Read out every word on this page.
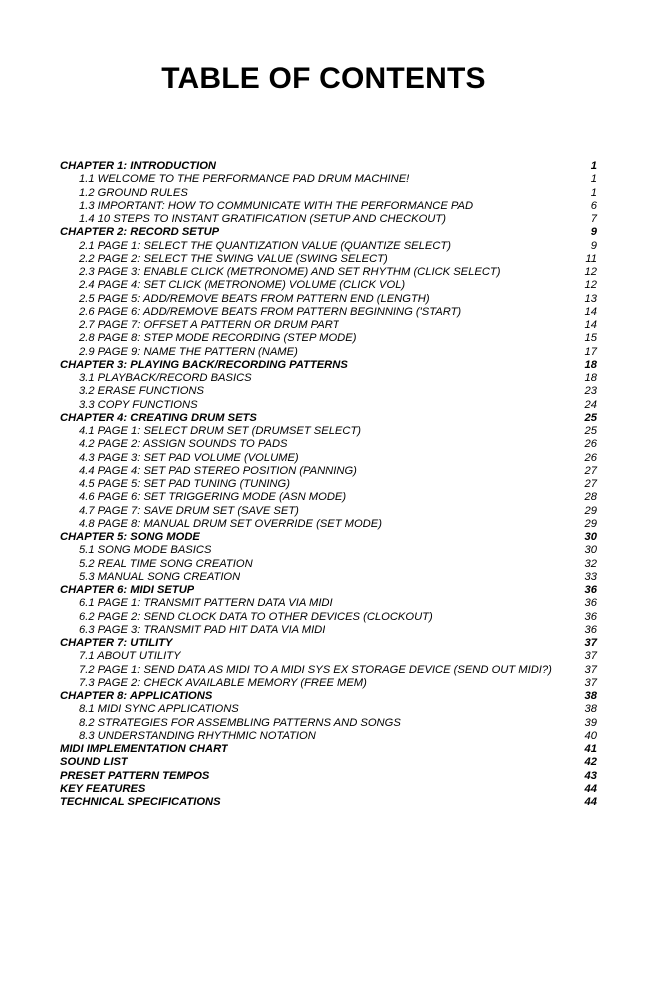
TABLE OF CONTENTS
CHAPTER 1: INTRODUCTION	1
1.1 WELCOME TO THE PERFORMANCE PAD DRUM MACHINE!	1
1.2 GROUND RULES	1
1.3 IMPORTANT: HOW TO COMMUNICATE WITH THE PERFORMANCE PAD	6
1.4 10 STEPS TO INSTANT GRATIFICATION (SETUP AND CHECKOUT)	7
CHAPTER 2: RECORD SETUP	9
2.1 PAGE 1: SELECT THE QUANTIZATION VALUE (QUANTIZE SELECT)	9
2.2 PAGE 2: SELECT THE SWING VALUE (SWING SELECT)	11
2.3 PAGE 3: ENABLE CLICK (METRONOME) AND SET RHYTHM (CLICK SELECT)	12
2.4 PAGE 4: SET CLICK (METRONOME) VOLUME (CLICK VOL)	12
2.5 PAGE 5: ADD/REMOVE BEATS FROM PATTERN END (LENGTH)	13
2.6 PAGE 6: ADD/REMOVE BEATS FROM PATTERN BEGINNING ('START)	14
2.7 PAGE 7: OFFSET A PATTERN OR DRUM PART	14
2.8 PAGE 8: STEP MODE RECORDING (STEP MODE)	15
2.9 PAGE 9: NAME THE PATTERN (NAME)	17
CHAPTER 3: PLAYING BACK/RECORDING PATTERNS	18
3.1 PLAYBACK/RECORD BASICS	18
3.2 ERASE FUNCTIONS	23
3.3 COPY FUNCTIONS	24
CHAPTER 4: CREATING DRUM SETS	25
4.1 PAGE 1: SELECT DRUM SET (DRUMSET SELECT)	25
4.2 PAGE 2: ASSIGN SOUNDS TO PADS	26
4.3 PAGE 3: SET PAD VOLUME (VOLUME)	26
4.4 PAGE 4: SET PAD STEREO POSITION (PANNING)	27
4.5 PAGE 5: SET PAD TUNING (TUNING)	27
4.6 PAGE 6: SET TRIGGERING MODE (ASN MODE)	28
4.7 PAGE 7: SAVE DRUM SET (SAVE SET)	29
4.8 PAGE 8: MANUAL DRUM SET OVERRIDE (SET MODE)	29
CHAPTER 5: SONG MODE	30
5.1 SONG MODE BASICS	30
5.2 REAL TIME SONG CREATION	32
5.3 MANUAL SONG CREATION	33
CHAPTER 6: MIDI SETUP	36
6.1 PAGE 1: TRANSMIT PATTERN DATA VIA MIDI	36
6.2 PAGE 2: SEND CLOCK DATA TO OTHER DEVICES (CLOCKOUT)	36
6.3 PAGE 3: TRANSMIT PAD HIT DATA VIA MIDI	36
CHAPTER 7: UTILITY	37
7.1 ABOUT UTILITY	37
7.2 PAGE 1: SEND DATA AS MIDI TO A MIDI SYS EX STORAGE DEVICE (SEND OUT MIDI?)	37
7.3 PAGE 2: CHECK AVAILABLE MEMORY (FREE MEM)	37
CHAPTER 8: APPLICATIONS	38
8.1 MIDI SYNC APPLICATIONS	38
8.2 STRATEGIES FOR ASSEMBLING PATTERNS AND SONGS	39
8.3 UNDERSTANDING RHYTHMIC NOTATION	40
MIDI IMPLEMENTATION CHART	41
SOUND LIST	42
PRESET PATTERN TEMPOS	43
KEY FEATURES	44
TECHNICAL SPECIFICATIONS	44
